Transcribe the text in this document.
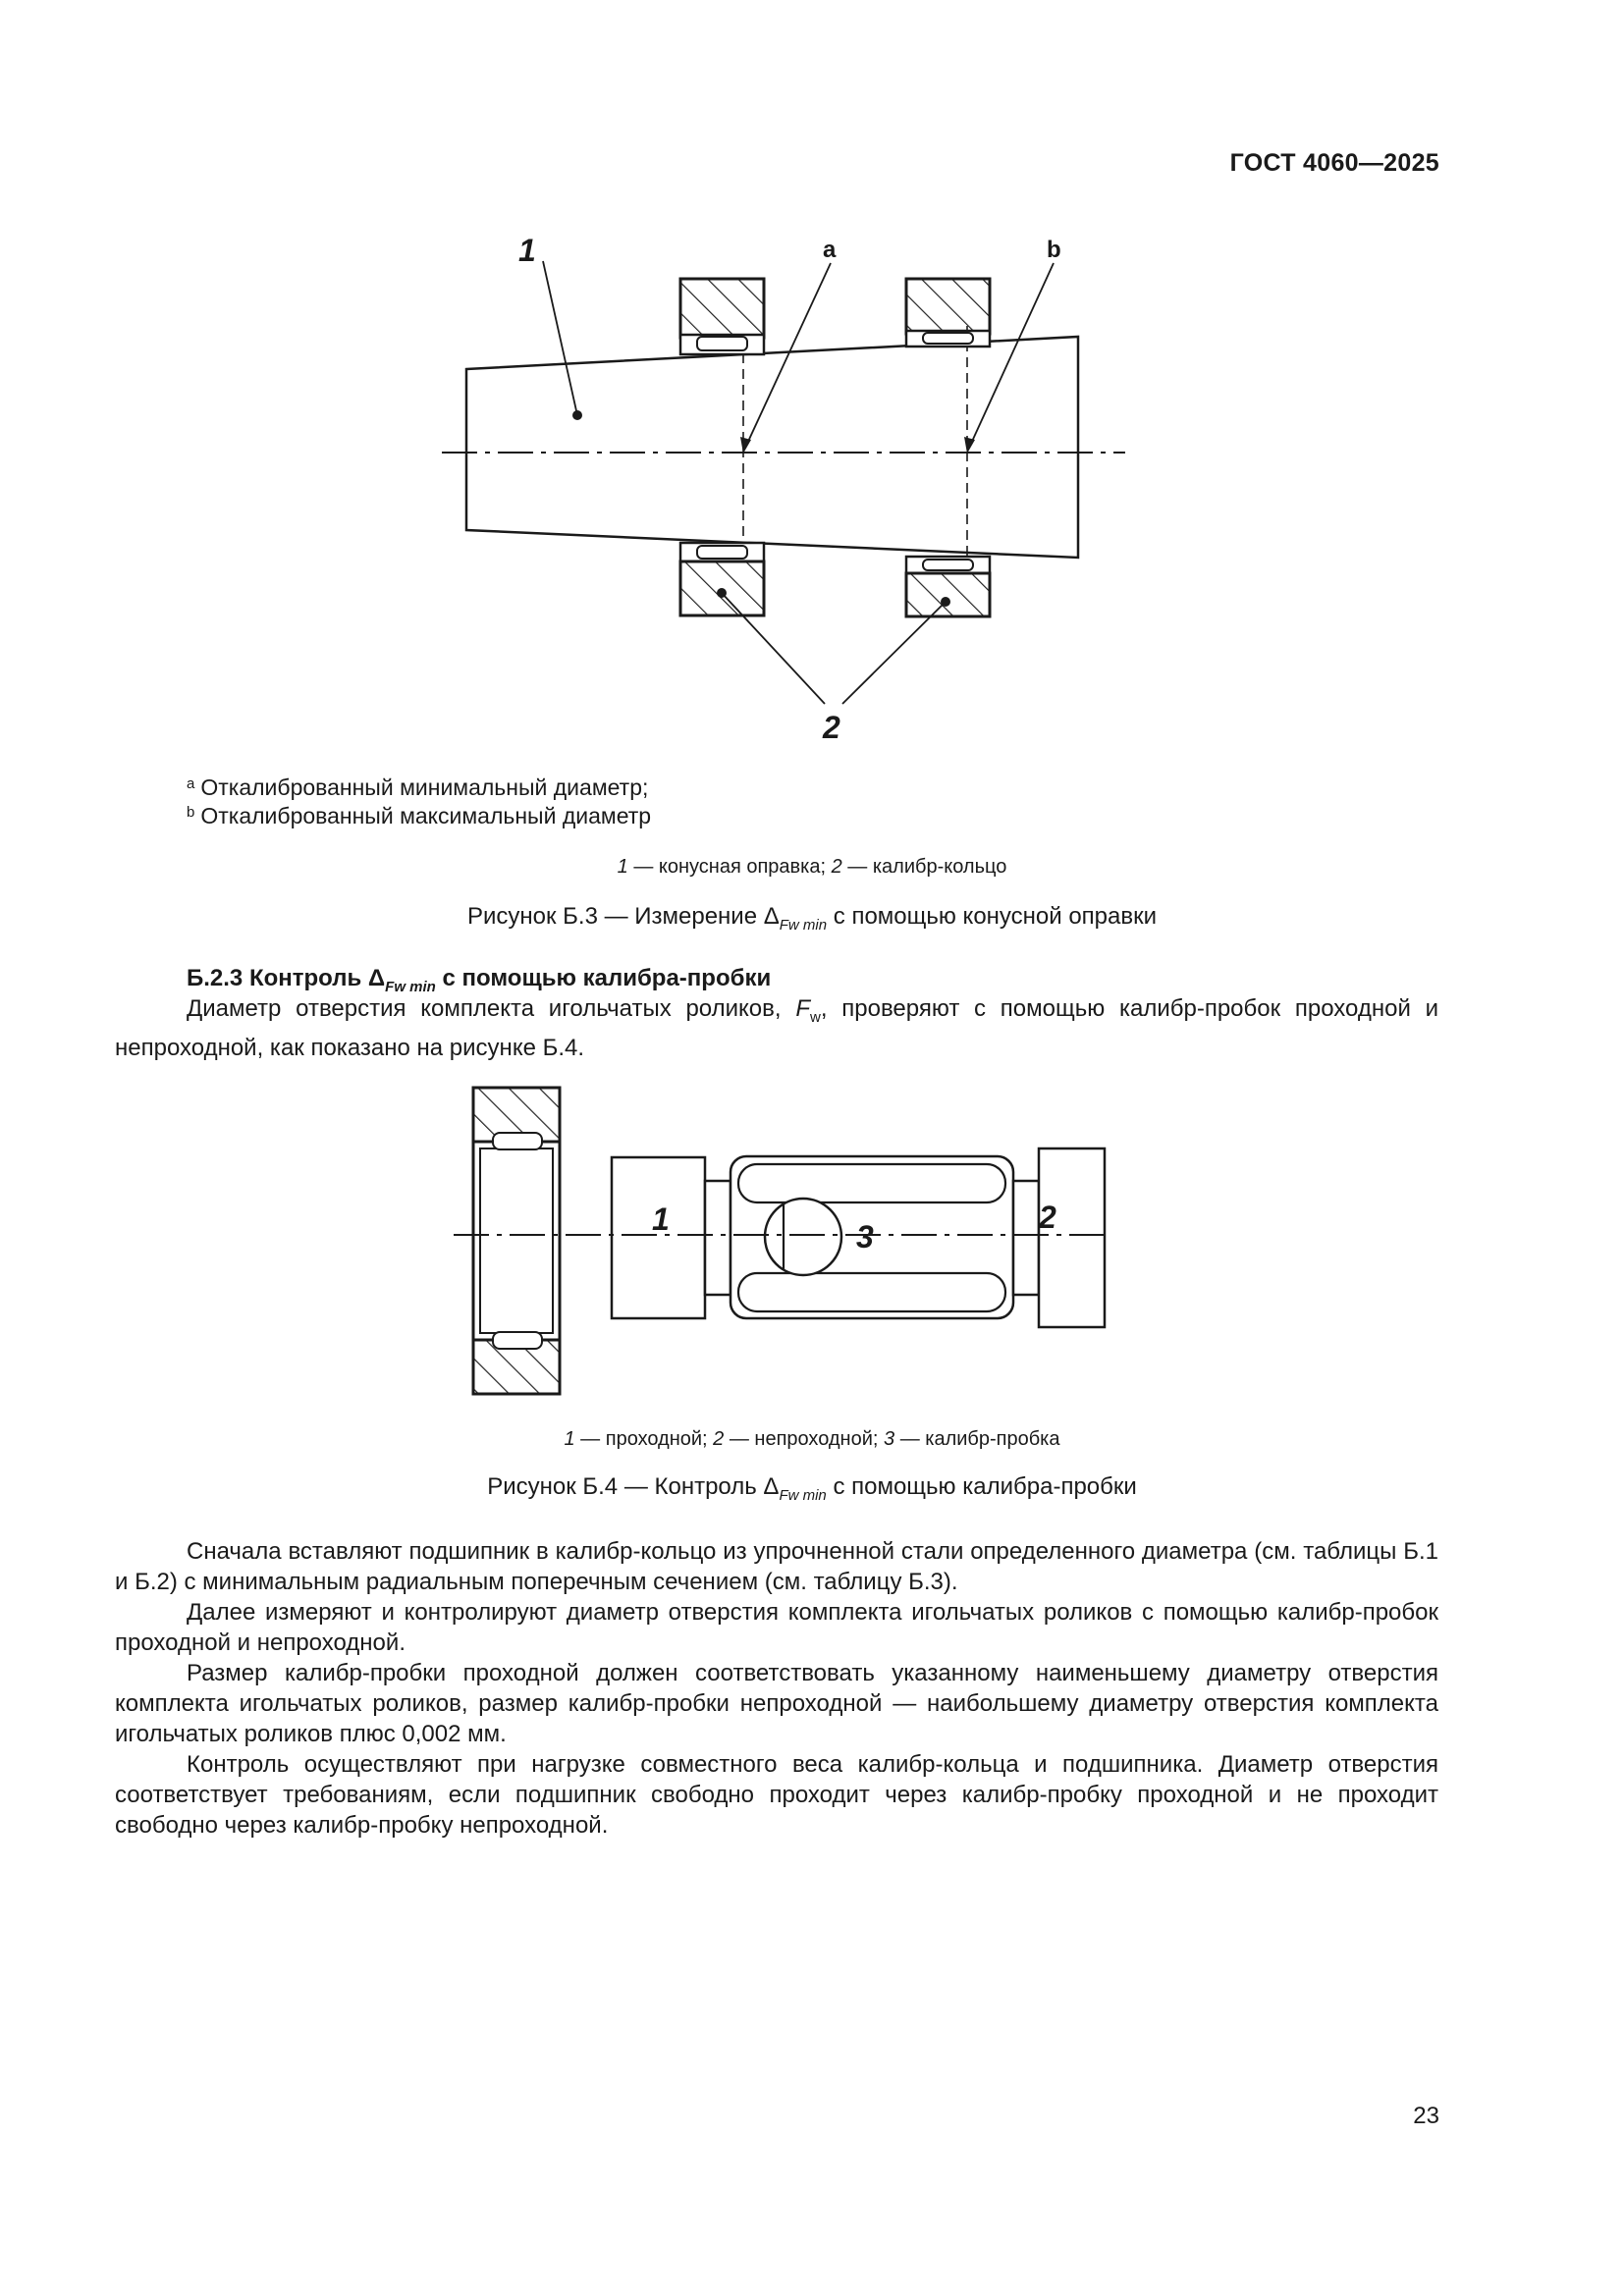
ГОСТ 4060—2025
1	a	b
2
$^a$ Откалиброванный минимальный диаметр;
$^b$ Откалиброванный максимальный диаметр
1 — конусная оправка; 2 — калибр-кольцо
Рисунок Б.3 — Измерение $\Delta_{Fw min}$ с помощью конусной оправки
Б.2.3 Контроль $\Delta_{Fw min}$ с помощью калибра-пробки

Диаметр отверстия комплекта игольчатых роликов, $F_w$, проверяют с помощью калибр-пробок проходной и непроходной, как показано на рисунке Б.4.

1	3
2
1 — проходной; 2 — непроходной; 3 — калибр-пробка
Рисунок Б.4 — Контроль $\Delta_{Fw min}$ с помощью калибра-пробки

Сначала вставляют подшипник в калибр-кольцо из упрочненной стали определенного диаметра (см. таблицы Б.1 и Б.2) с минимальным радиальным поперечным сечением (см. таблицу Б.3).

Далее измеряют и контролируют диаметр отверстия комплекта игольчатых роликов с помощью калибр-пробок проходной и непроходной.

Размер калибр-пробки проходной должен соответствовать указанному наименьшему диаметру отверстия комплекта игольчатых роликов, размер калибр-пробки непроходной — наибольшему диаметру отверстия комплекта игольчатых роликов плюс 0,002 мм.

Контроль осуществляют при нагрузке совместного веса калибр-кольца и подшипника. Диаметр отверстия соответствует требованиям, если подшипник свободно проходит через калибр-пробку проходной и не проходит свободно через калибр-пробку непроходной.

23
